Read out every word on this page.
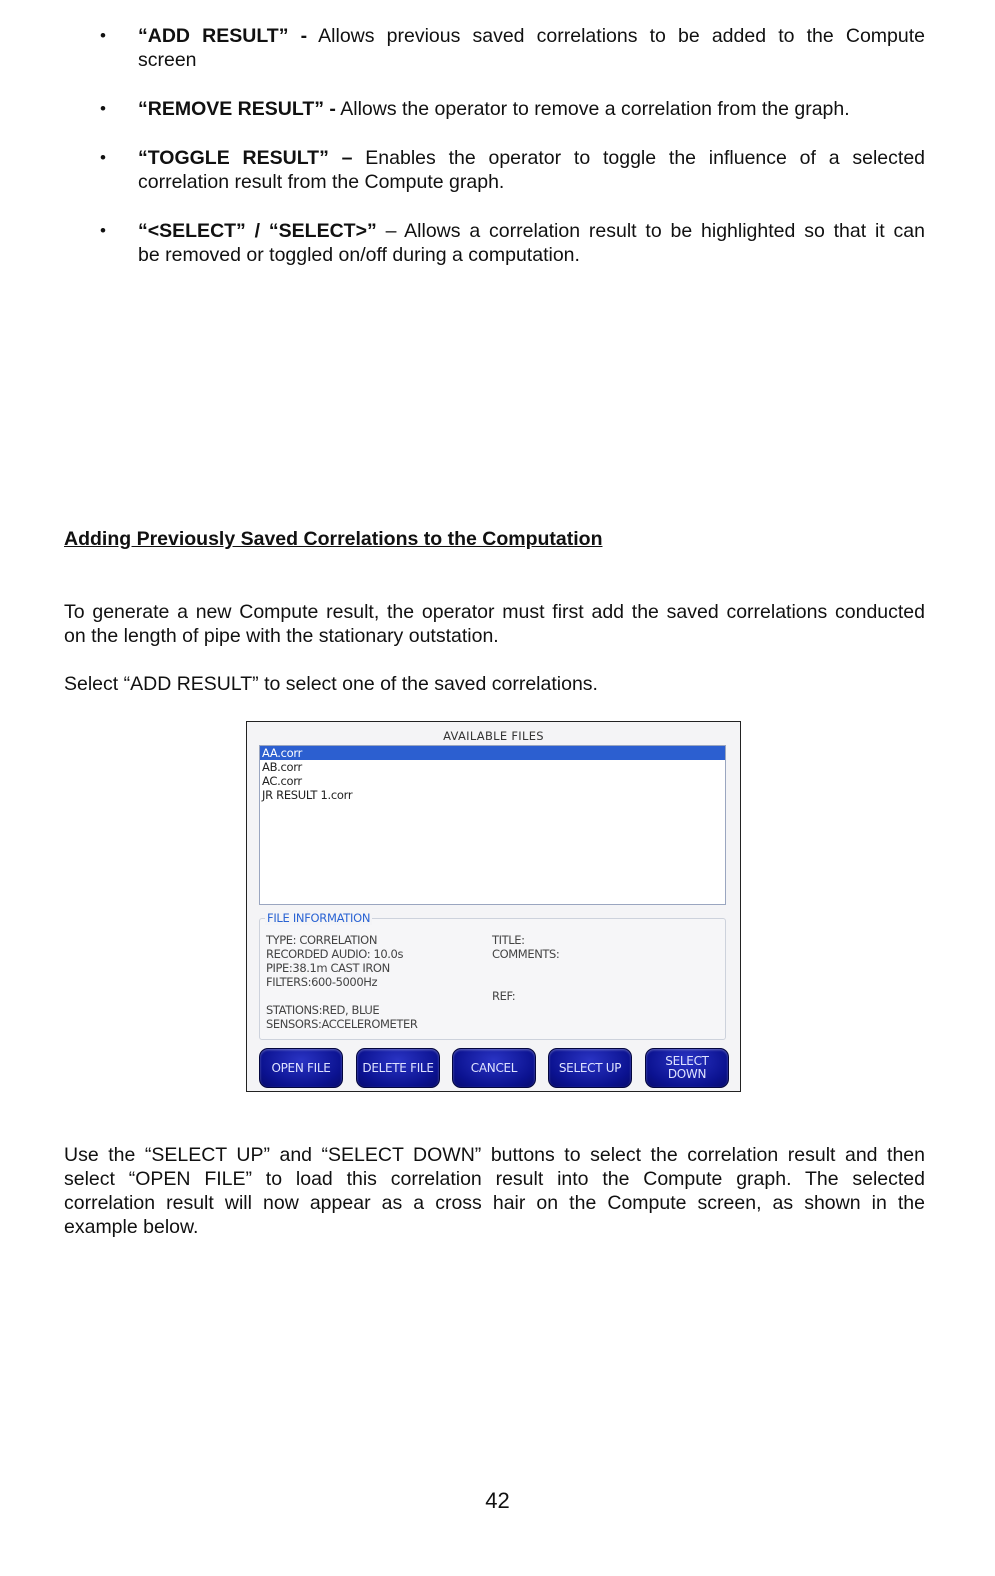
• “ADD RESULT” - Allows previous saved correlations to be added to the Compute
screen
• “REMOVE RESULT” - Allows the operator to remove a correlation from the graph.
• “TOGGLE RESULT” – Enables the operator to toggle the influence of a selected
correlation result from the Compute graph.
• “<SELECT” / “SELECT>” – Allows a correlation result to be highlighted so that it can
be removed or toggled on/off during a computation.
Adding Previously Saved Correlations to the Computation
To generate a new Compute result, the operator must first add the saved correlations conducted
on the length of pipe with the stationary outstation.
Select “ADD RESULT” to select one of the saved correlations.
AVAILABLE FILES
AA.corr
AB.corr
AC.corr
JR RESULT 1.corr
FILE INFORMATION
TYPE: CORRELATION
RECORDED AUDIO: 10.0s
PIPE:38.1m CAST IRON
FILTERS:600-5000Hz
STATIONS:RED, BLUE
SENSORS:ACCELEROMETER
TITLE:
COMMENTS:
REF:
OPEN FILE	DELETE FILE	CANCEL	SELECT UP	SELECT
DOWN
Use the “SELECT UP” and “SELECT DOWN” buttons to select the correlation result and then
select “OPEN FILE” to load this correlation result into the Compute graph. The selected
correlation result will now appear as a cross hair on the Compute screen, as shown in the
example below.
42
